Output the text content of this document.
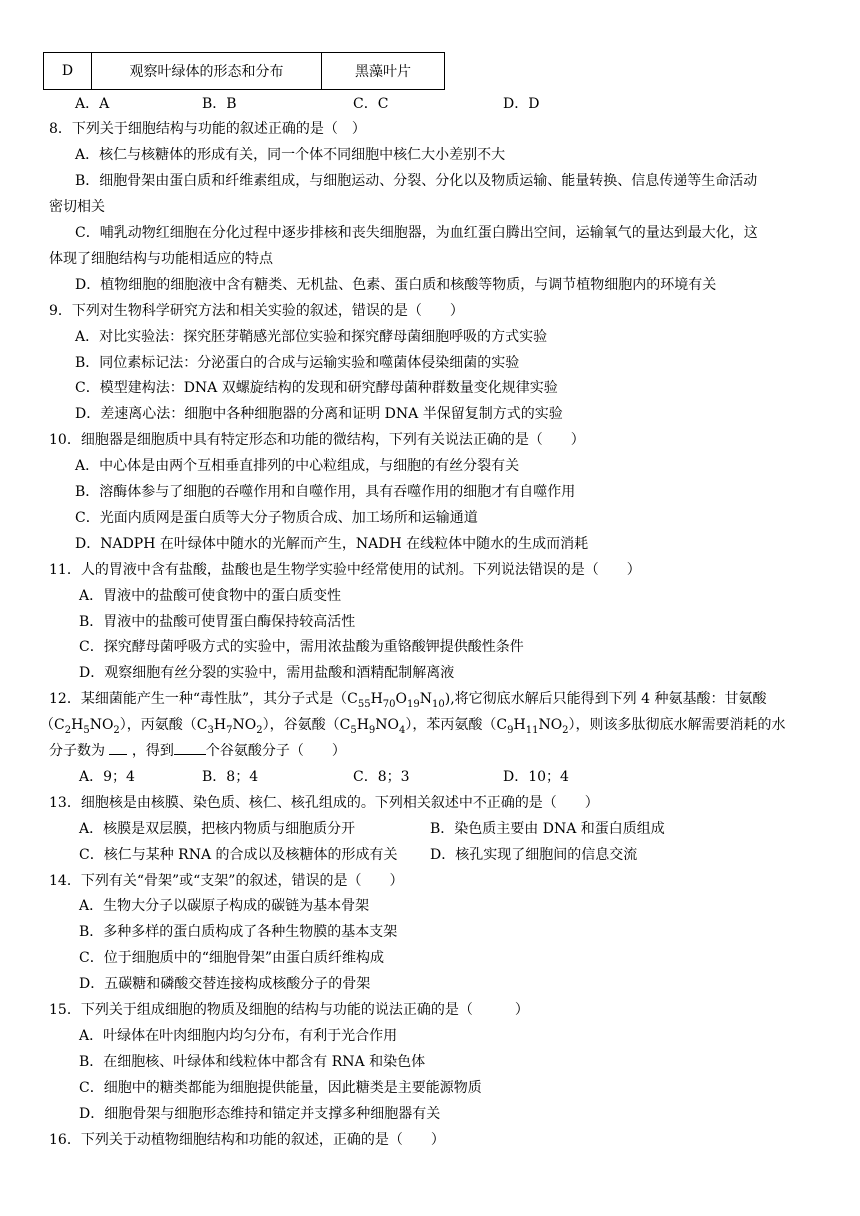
D	观察叶绿体的形态和分布	黑藻叶片
A．A	B．B	C．C	D．D
8．下列关于细胞结构与功能的叙述正确的是（　）
A．核仁与核糖体的形成有关，同一个体不同细胞中核仁大小差别不大
B．细胞骨架由蛋白质和纤维素组成，与细胞运动、分裂、分化以及物质运输、能量转换、信息传递等生命活动
密切相关
C．哺乳动物红细胞在分化过程中逐步排核和丧失细胞器，为血红蛋白腾出空间，运输氧气的量达到最大化，这
体现了细胞结构与功能相适应的特点
D．植物细胞的细胞液中含有糖类、无机盐、色素、蛋白质和核酸等物质，与调节植物细胞内的环境有关
9．下列对生物科学研究方法和相关实验的叙述，错误的是（　　）
A．对比实验法：探究胚芽鞘感光部位实验和探究酵母菌细胞呼吸的方式实验
B．同位素标记法：分泌蛋白的合成与运输实验和噬菌体侵染细菌的实验
C．模型建构法：DNA 双螺旋结构的发现和研究酵母菌种群数量变化规律实验
D．差速离心法：细胞中各种细胞器的分离和证明 DNA 半保留复制方式的实验
10．细胞器是细胞质中具有特定形态和功能的微结构，下列有关说法正确的是（　　）
A．中心体是由两个互相垂直排列的中心粒组成，与细胞的有丝分裂有关
B．溶酶体参与了细胞的吞噬作用和自噬作用，具有吞噬作用的细胞才有自噬作用
C．光面内质网是蛋白质等大分子物质合成、加工场所和运输通道
D．NADPH 在叶绿体中随水的光解而产生，NADH 在线粒体中随水的生成而消耗
11．人的胃液中含有盐酸，盐酸也是生物学实验中经常使用的试剂。下列说法错误的是（　　）
A．胃液中的盐酸可使食物中的蛋白质变性
B．胃液中的盐酸可使胃蛋白酶保持较高活性
C．探究酵母菌呼吸方式的实验中，需用浓盐酸为重铬酸钾提供酸性条件
D．观察细胞有丝分裂的实验中，需用盐酸和酒精配制解离液
12．某细菌能产生一种“毒性肽”，其分子式是$(C_{55}H_{70}O_{19}N_{10})$,将它彻底水解后只能得到下列 4 种氨基酸：甘氨酸
$(C_2H_5NO_2)$，丙氨酸$(C_3H_7NO_2)$，谷氨酸$(C_5H_9NO_4)$，苯丙氨酸$(C_9H_{11}NO_2)$，则该多肽彻底水解需要消耗的水
分子数为 ，得到 个谷氨酸分子（　　）
A．9；4	B．8；4	C．8；3	D．10；4
13．细胞核是由核膜、染色质、核仁、核孔组成的。下列相关叙述中不正确的是（　　）
A．核膜是双层膜，把核内物质与细胞质分开	B．染色质主要由 DNA 和蛋白质组成
C．核仁与某种 RNA 的合成以及核糖体的形成有关 D．核孔实现了细胞间的信息交流
14．下列有关“骨架”或“支架”的叙述，错误的是（　　）
A．生物大分子以碳原子构成的碳链为基本骨架
B．多种多样的蛋白质构成了各种生物膜的基本支架
C．位于细胞质中的“细胞骨架”由蛋白质纤维构成
D．五碳糖和磷酸交替连接构成核酸分子的骨架
15．下列关于组成细胞的物质及细胞的结构与功能的说法正确的是（　　　）
A．叶绿体在叶肉细胞内均匀分布，有利于光合作用
B．在细胞核、叶绿体和线粒体中都含有 RNA 和染色体
C．细胞中的糖类都能为细胞提供能量，因此糖类是主要能源物质
D．细胞骨架与细胞形态维持和锚定并支撑多种细胞器有关
16．下列关于动植物细胞结构和功能的叙述，正确的是（　　）
